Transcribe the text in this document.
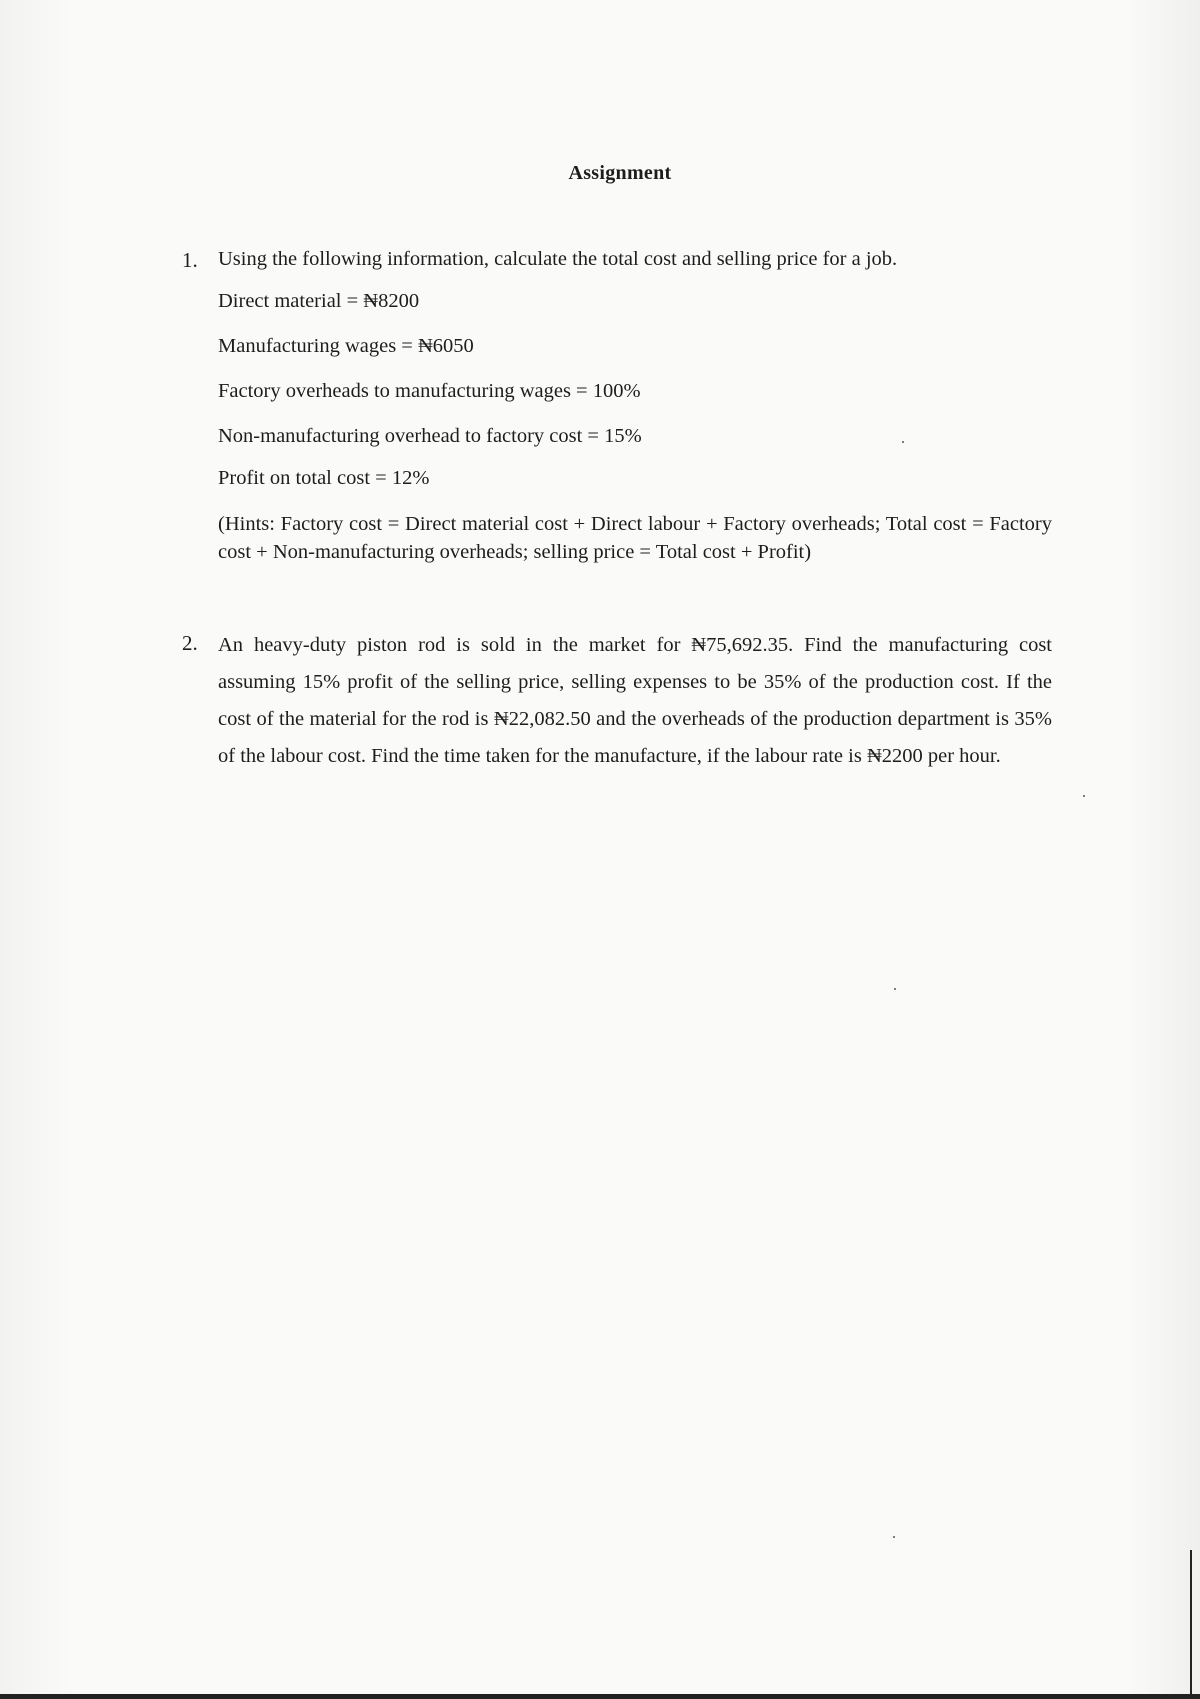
Assignment
1. Using the following information, calculate the total cost and selling price for a job.
Direct material = ₦8200
Manufacturing wages = ₦6050
Factory overheads to manufacturing wages = 100%
Non-manufacturing overhead to factory cost = 15%
Profit on total cost = 12%
(Hints: Factory cost = Direct material cost + Direct labour + Factory overheads; Total cost = Factory cost + Non-manufacturing overheads; selling price = Total cost + Profit)
2. An heavy-duty piston rod is sold in the market for ₦75,692.35. Find the manufacturing cost assuming 15% profit of the selling price, selling expenses to be 35% of the production cost. If the cost of the material for the rod is ₦22,082.50 and the overheads of the production department is 35% of the labour cost. Find the time taken for the manufacture, if the labour rate is ₦2200 per hour.
